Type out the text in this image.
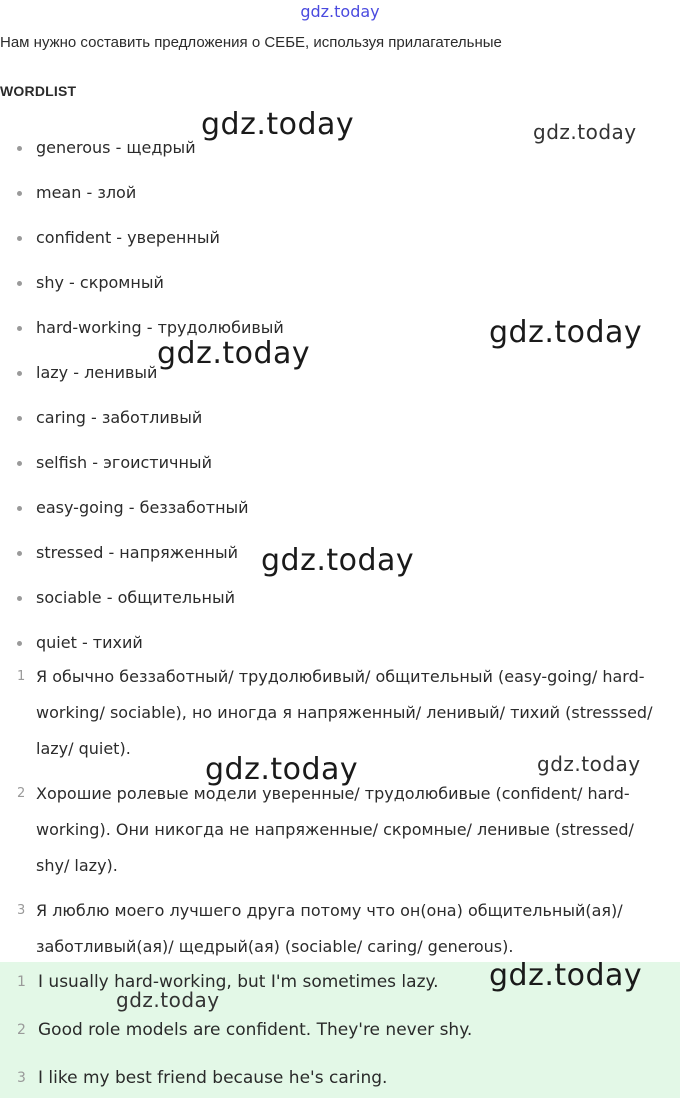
gdz.today
Нам нужно составить предложения о СЕБЕ, используя прилагательные
WORDLIST
generous - щедрый
mean - злой
confident - уверенный
shy - скромный
hard-working - трудолюбивый
lazy - ленивый
caring - заботливый
selfish - эгоистичный
easy-going - беззаботный
stressed - напряженный
sociable - общительный
quiet - тихий
1 Я обычно беззаботный/ трудолюбивый/ общительный (easy-going/ hard-working/ sociable), но иногда я напряженный/ ленивый/ тихий (stresssed/ lazy/ quiet).
2 Хорошие ролевые модели уверенные/ трудолюбивые (confident/ hard-working). Они никогда не напряженные/ скромные/ ленивые (stressed/ shy/ lazy).
3 Я люблю моего лучшего друга потому что он(она) общительный(ая)/ заботливый(ая)/ щедрый(ая) (sociable/ caring/ generous).
1 I usually hard-working, but I'm sometimes lazy.
2 Good role models are confident. They're never shy.
3 I like my best friend because he's caring.
gdz.today	gdz.today
gdz.today
gdz.today
gdz.today
gdz.today	gdz.today
gdz.today
gdz.today
